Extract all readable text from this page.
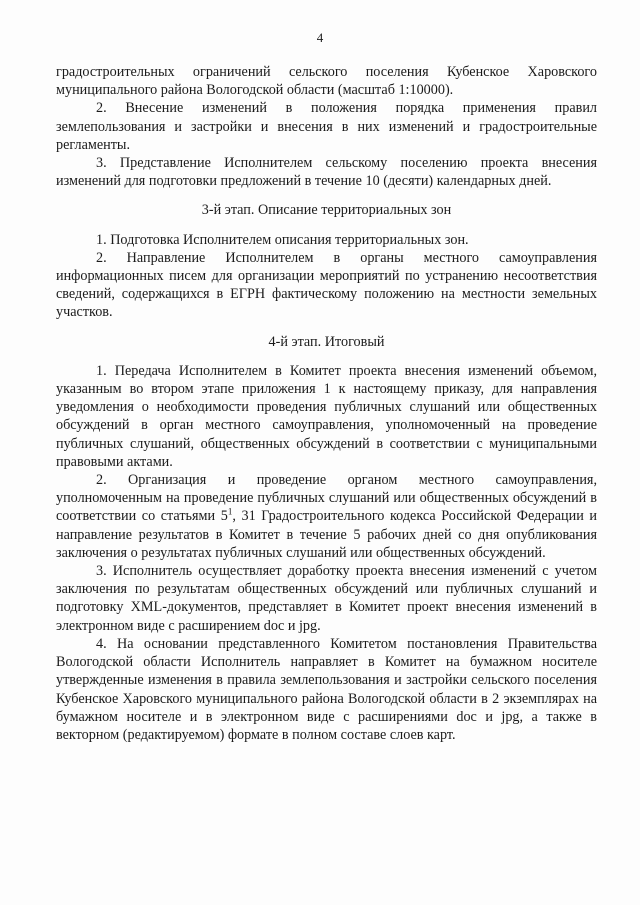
4

градостроительных ограничений сельского поселения Кубенское Харовского муниципального района Вологодской области (масштаб 1:10000).

2. Внесение изменений в положения порядка применения правил землепользования и застройки и внесения в них изменений и градостроительные регламенты.

3. Представление Исполнителем сельскому поселению проекта внесения изменений для подготовки предложений в течение 10 (десяти) календарных дней.

3-й этап. Описание территориальных зон

1. Подготовка Исполнителем описания территориальных зон.

2. Направление Исполнителем в органы местного самоуправления информационных писем для организации мероприятий по устранению несоответствия сведений, содержащихся в ЕГРН фактическому положению на местности земельных участков.

4-й этап. Итоговый

1. Передача Исполнителем в Комитет проекта внесения изменений объемом, указанным во втором этапе приложения 1 к настоящему приказу, для направления уведомления о необходимости проведения публичных слушаний или общественных обсуждений в орган местного самоуправления, уполномоченный на проведение публичных слушаний, общественных обсуждений в соответствии с муниципальными правовыми актами.

2. Организация и проведение органом местного самоуправления, уполномоченным на проведение публичных слушаний или общественных обсуждений в соответствии со статьями $5^1$, 31 Градостроительного кодекса Российской Федерации и направление результатов в Комитет в течение 5 рабочих дней со дня опубликования заключения о результатах публичных слушаний или общественных обсуждений.

3. Исполнитель осуществляет доработку проекта внесения изменений с учетом заключения по результатам общественных обсуждений или публичных слушаний и подготовку XML-документов, представляет в Комитет проект внесения изменений в электронном виде с расширением doc и jpg.

4. На основании представленного Комитетом постановления Правительства Вологодской области Исполнитель направляет в Комитет на бумажном носителе утвержденные изменения в правила землепользования и застройки сельского поселения Кубенское Харовского муниципального района Вологодской области в 2 экземплярах на бумажном носителе и в электронном виде с расширениями doc и jpg, а также в векторном (редактируемом) формате в полном составе слоев карт.
